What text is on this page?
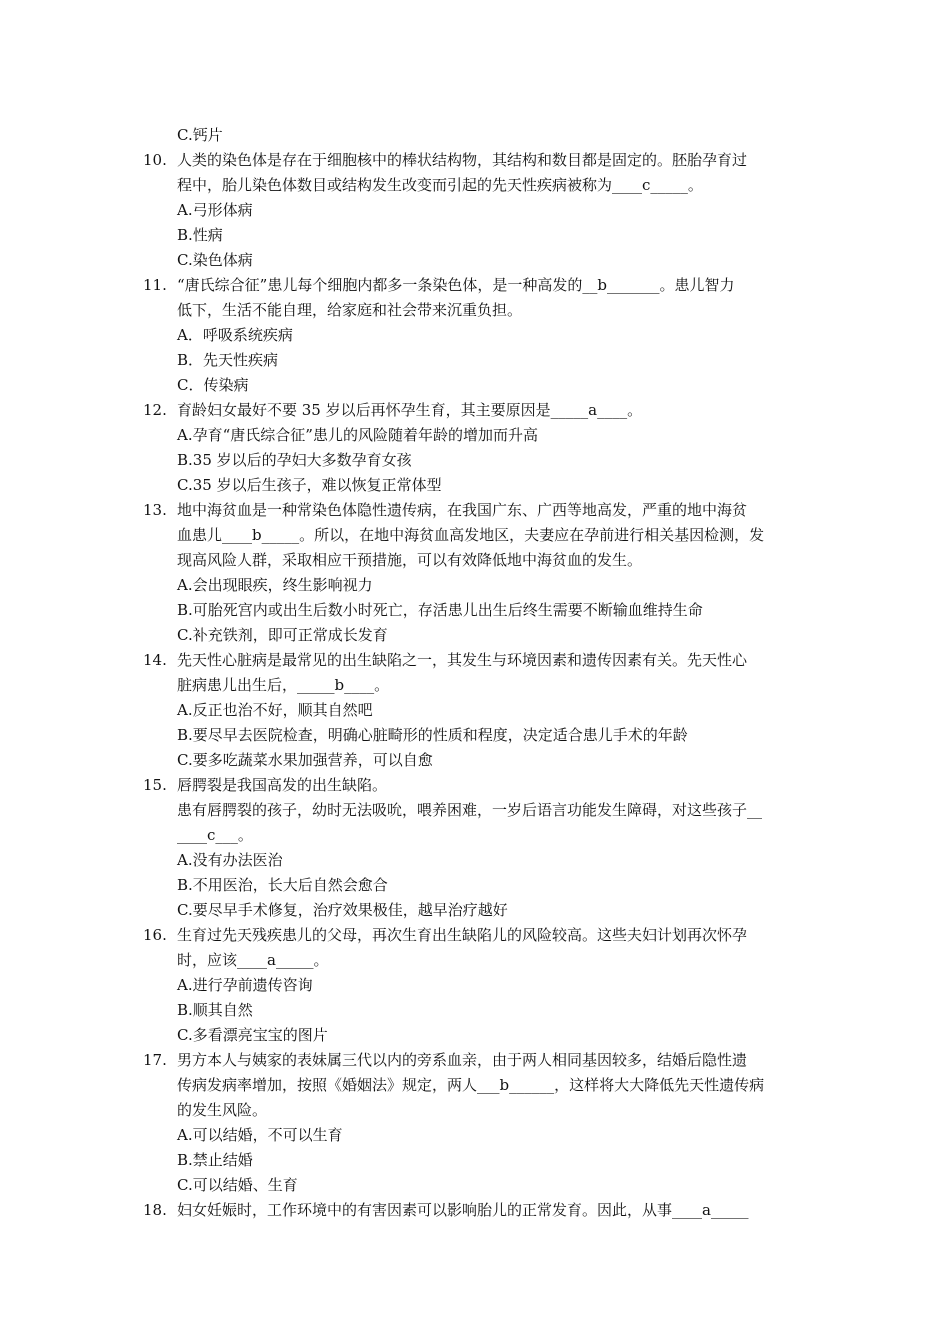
C.钙片
10. 人类的染色体是存在于细胞核中的棒状结构物，其结构和数目都是固定的。胚胎孕育过
程中，胎儿染色体数目或结构发生改变而引起的先天性疾病被称为____c_____。
A.弓形体病
B.性病
C.染色体病
11. “唐氏综合征”患儿每个细胞内都多一条染色体，是一种高发的__b_______。患儿智力
低下，生活不能自理，给家庭和社会带来沉重负担。
A．呼吸系统疾病
B．先天性疾病
C．传染病
12. 育龄妇女最好不要 35 岁以后再怀孕生育，其主要原因是_____a____。
A.孕育“唐氏综合征”患儿的风险随着年龄的增加而升高
B.35 岁以后的孕妇大多数孕育女孩
C.35 岁以后生孩子，难以恢复正常体型
13. 地中海贫血是一种常染色体隐性遗传病，在我国广东、广西等地高发，严重的地中海贫
血患儿____b_____。所以，在地中海贫血高发地区，夫妻应在孕前进行相关基因检测，发
现高风险人群，采取相应干预措施，可以有效降低地中海贫血的发生。
A.会出现眼疾，终生影响视力
B.可胎死宫内或出生后数小时死亡，存活患儿出生后终生需要不断输血维持生命
C.补充铁剂，即可正常成长发育
14. 先天性心脏病是最常见的出生缺陷之一，其发生与环境因素和遗传因素有关。先天性心
脏病患儿出生后，_____b____。
A.反正也治不好，顺其自然吧
B.要尽早去医院检查，明确心脏畸形的性质和程度，决定适合患儿手术的年龄
C.要多吃蔬菜水果加强营养，可以自愈
15. 唇腭裂是我国高发的出生缺陷。
患有唇腭裂的孩子，幼时无法吸吮，喂养困难，一岁后语言功能发生障碍，对这些孩子__
____c___。
A.没有办法医治
B.不用医治，长大后自然会愈合
C.要尽早手术修复，治疗效果极佳，越早治疗越好
16. 生育过先天残疾患儿的父母，再次生育出生缺陷儿的风险较高。这些夫妇计划再次怀孕
时，应该____a_____。
A.进行孕前遗传咨询
B.顺其自然
C.多看漂亮宝宝的图片
17. 男方本人与姨家的表妹属三代以内的旁系血亲，由于两人相同基因较多，结婚后隐性遗
传病发病率增加，按照《婚姻法》规定，两人___b______，这样将大大降低先天性遗传病
的发生风险。
A.可以结婚，不可以生育
B.禁止结婚
C.可以结婚、生育
18. 妇女妊娠时，工作环境中的有害因素可以影响胎儿的正常发育。因此，从事____a_____
